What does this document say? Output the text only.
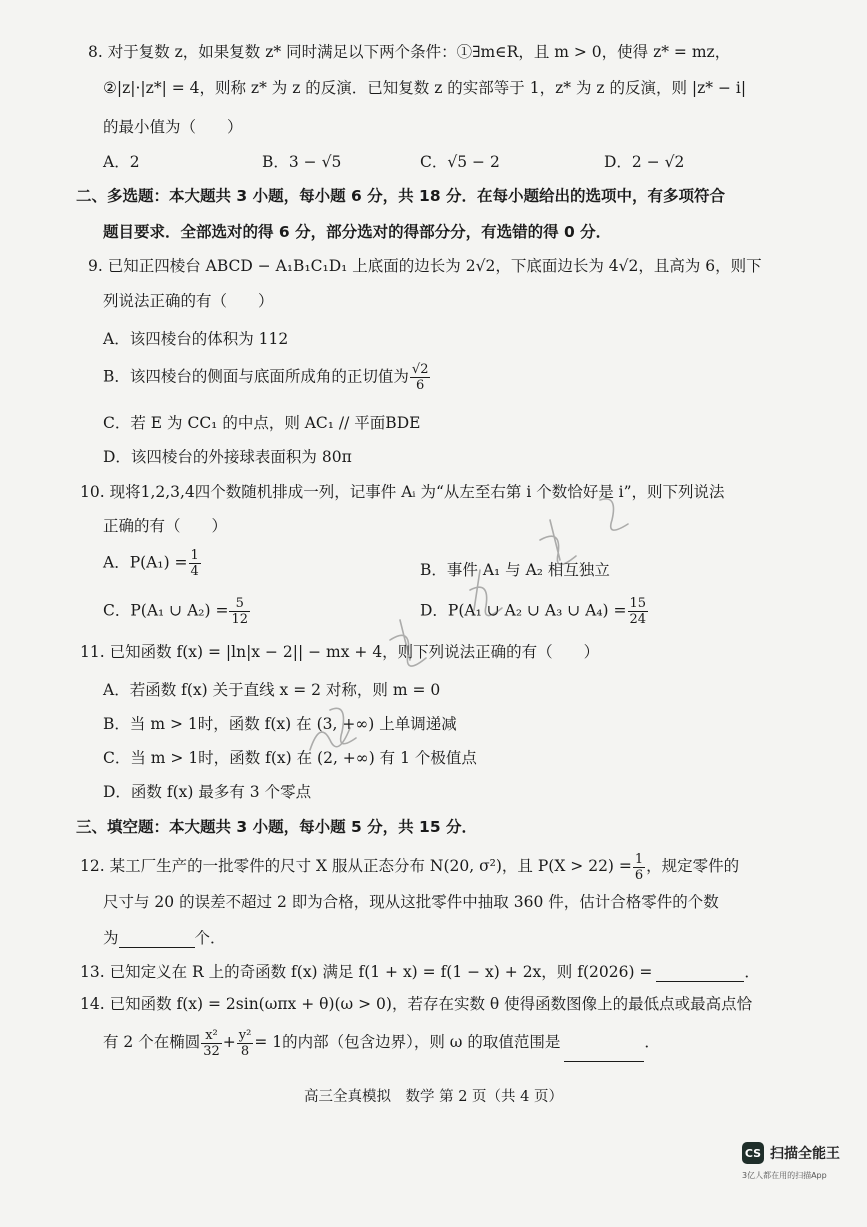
8. 对于复数 z，如果复数 z* 同时满足以下两个条件：①∃m∈R，且 m > 0，使得 z* = mz，
②|z|·|z*| = 4，则称 z* 为 z 的反演．已知复数 z 的实部等于 1，z* 为 z 的反演，则 |z* − i|
的最小值为（　　）
A．2	B．3 − √5	C．√5 − 2	D．2 − √2
二、多选题：本大题共 3 小题，每小题 6 分，共 18 分．在每小题给出的选项中，有多项符合
题目要求．全部选对的得 6 分，部分选对的得部分分，有选错的得 0 分．
9. 已知正四棱台 ABCD − A₁B₁C₁D₁ 上底面的边长为 2√2，下底面边长为 4√2，且高为 6，则下
列说法正确的有（　　）
A．该四棱台的体积为 112
B．该四棱台的侧面与底面所成角的正切值为 $\frac{√2}{6}$
C．若 E 为 CC₁ 的中点，则 AC₁ // 平面BDE
D．该四棱台的外接球表面积为 80π
10. 现将1,2,3,4四个数随机排成一列，记事件 Aᵢ 为“从左至右第 i 个数恰好是 i”，则下列说法
正确的有（　　）
A．$P(A_1) = \frac{1}{4}$	B．事件 A₁ 与 A₂ 相互独立
C．P(A₁ ∪ $A_2) = \frac{5}{12}$	D．P(A₁ ∪ A₂ ∪ A₃ ∪ $A_4) = \frac{15}{24}$
11. 已知函数 f(x) = |ln|x − 2|| − mx + 4，则下列说法正确的有（　　）
A．若函数 f(x) 关于直线 x = 2 对称，则 m = 0
B．当 m > 1时，函数 f(x) 在 (3, +∞) 上单调递减
C．当 m > 1时，函数 f(x) 在 (2, +∞) 有 1 个极值点
D．函数 f(x) 最多有 3 个零点
三、填空题：本大题共 3 小题，每小题 5 分，共 15 分．
12. 某工厂生产的一批零件的尺寸 X 服从正态分布 N(20, σ²)，且 $P(X > 22) = \frac{1}{6}$ ，规定零件的
尺寸与 20 的误差不超过 2 即为合格，现从这批零件中抽取 360 件，估计合格零件的个数
为	个．
13. 已知定义在 R 上的奇函数 f(x) 满足 f(1 + x) = f(1 − x) + 2x，则 f(2026) =	．
14. 已知函数 f(x) = 2sin(ωπx + θ)(ω > 0)，若存在实数 θ 使得函数图像上的最低点或最高点恰
有 2 个在椭圆 $\frac{\text{x²}}{32} + \frac{\text{y²}}{8} = 1$的内部（包含边界），则 ω 的取值范围是	．
高三全真模拟　数学 第 2 页（共 4 页）
CS 扫描全能王
3亿人都在用的扫描App
